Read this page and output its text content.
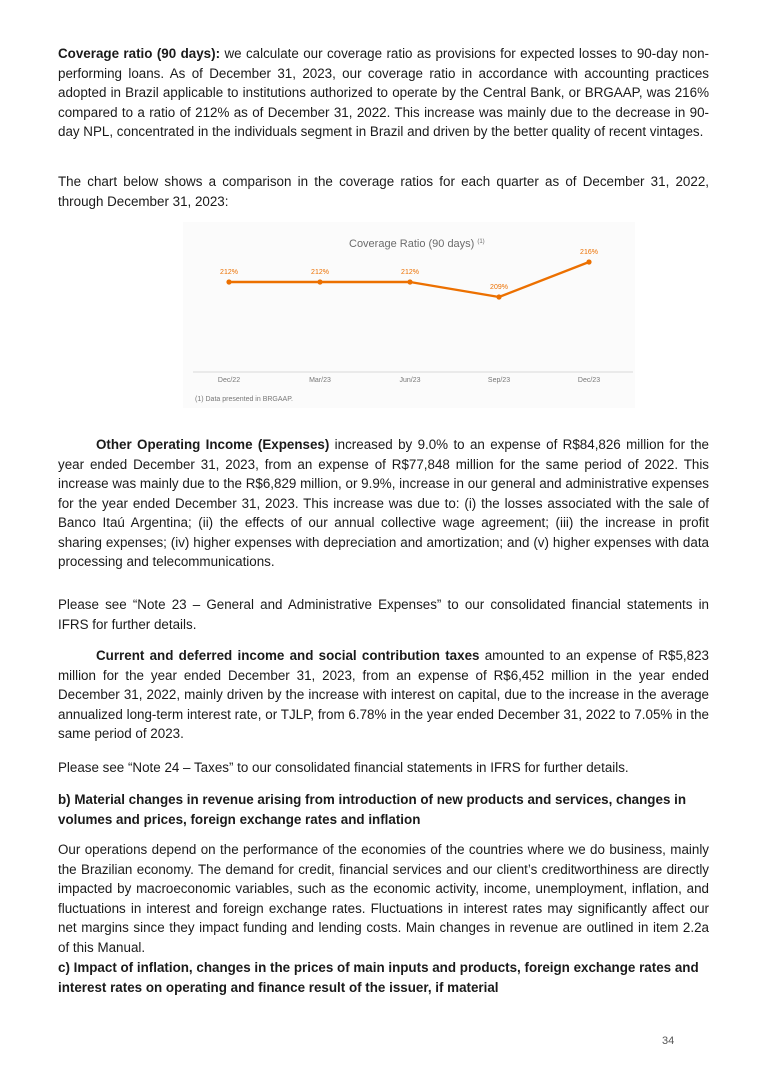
Coverage ratio (90 days): we calculate our coverage ratio as provisions for expected losses to 90-day non-performing loans. As of December 31, 2023, our coverage ratio in accordance with accounting practices adopted in Brazil applicable to institutions authorized to operate by the Central Bank, or BRGAAP, was 216% compared to a ratio of 212% as of December 31, 2022. This increase was mainly due to the decrease in 90-day NPL, concentrated in the individuals segment in Brazil and driven by the better quality of recent vintages.

The chart below shows a comparison in the coverage ratios for each quarter as of December 31, 2022, through December 31, 2023:

Coverage Ratio (90 days) $^{(1)}$
212%	212%	212%
209%
216%
Dec/22	Mar/23	Jun/23	Sep/23	Dec/23
(1) Data presented in BRGAAP.

Other Operating Income (Expenses) increased by 9.0% to an expense of R$84,826 million for the year ended December 31, 2023, from an expense of R$77,848 million for the same period of 2022. This increase was mainly due to the R$6,829 million, or 9.9%, increase in our general and administrative expenses for the year ended December 31, 2023. This increase was due to: (i) the losses associated with the sale of Banco Itaú Argentina; (ii) the effects of our annual collective wage agreement; (iii) the increase in profit sharing expenses; (iv) higher expenses with depreciation and amortization; and (v) higher expenses with data processing and telecommunications.

Please see “Note 23 – General and Administrative Expenses” to our consolidated financial statements in IFRS for further details.

Current and deferred income and social contribution taxes amounted to an expense of R$5,823 million for the year ended December 31, 2023, from an expense of R$6,452 million in the year ended December 31, 2022, mainly driven by the increase with interest on capital, due to the increase in the average annualized long-term interest rate, or TJLP, from 6.78% in the year ended December 31, 2022 to 7.05% in the same period of 2023.

Please see “Note 24 – Taxes” to our consolidated financial statements in IFRS for further details.

b) Material changes in revenue arising from introduction of new products and services, changes in volumes and prices, foreign exchange rates and inflation

Our operations depend on the performance of the economies of the countries where we do business, mainly the Brazilian economy. The demand for credit, financial services and our client’s creditworthiness are directly impacted by macroeconomic variables, such as the economic activity, income, unemployment, inflation, and fluctuations in interest and foreign exchange rates. Fluctuations in interest rates may significantly affect our net margins since they impact funding and lending costs. Main changes in revenue are outlined in item 2.2a of this Manual.

c) Impact of inflation, changes in the prices of main inputs and products, foreign exchange rates and interest rates on operating and finance result of the issuer, if material

34
